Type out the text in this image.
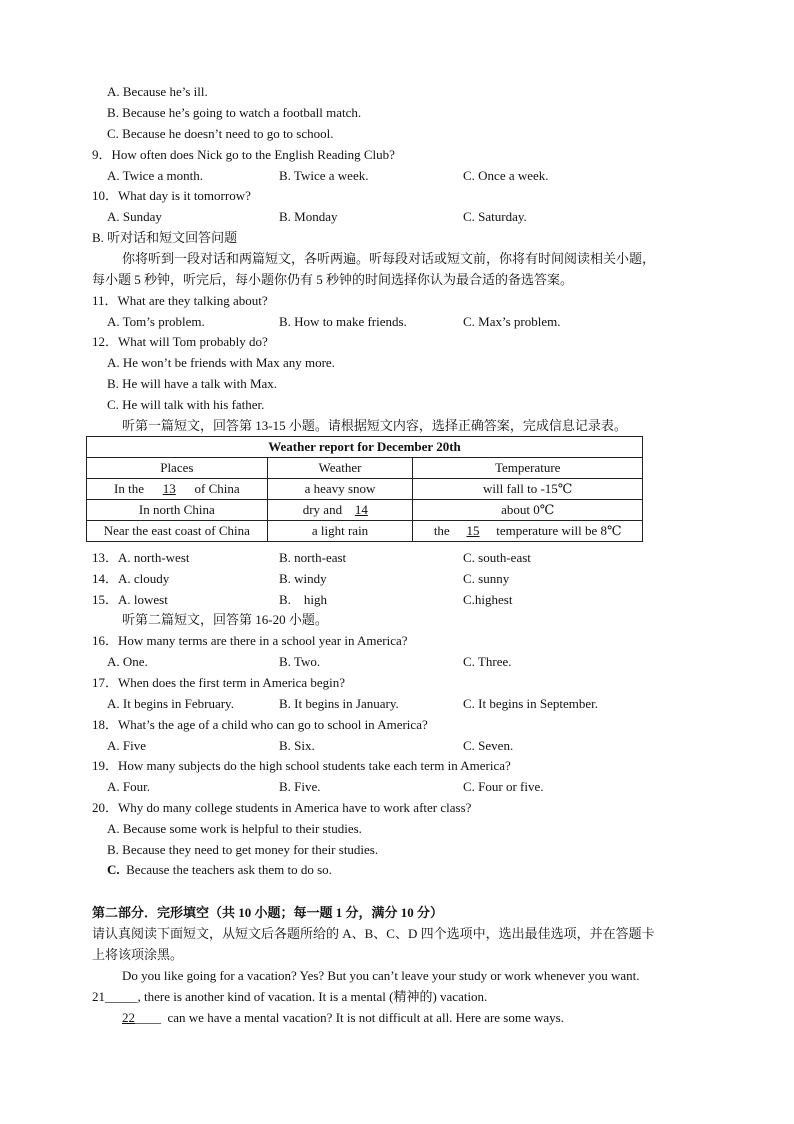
A. Because he’s ill.
B. Because he’s going to watch a football match.
C. Because he doesn’t need to go to school.
9．How often does Nick go to the English Reading Club?
A. Twice a month.	B. Twice a week.	C. Once a week.
10．What day is it tomorrow?
A. Sunday	B. Monday	C. Saturday.
B. 听对话和短文回答问题
你将听到一段对话和两篇短文，各听两遍。听每段对话或短文前，你将有时间阅读相关小题，
每小题 5 秒钟，听完后，每小题你仍有 5 秒钟的时间选择你认为最合适的备选答案。
11．What are they talking about?
A. Tom’s problem.	B. How to make friends.	C. Max’s problem.
12．What will Tom probably do?
A. He won’t be friends with Max any more.
B. He will have a talk with Max.
C. He will talk with his father.
听第一篇短文，回答第 13-15 小题。请根据短文内容，选择正确答案，完成信息记录表。
Weather report for December 20th		
Places	Weather	Temperature
In the 13 of China	a heavy snow	will fall to -15℃
In north China	dry and 14	about 0℃
Near the east coast of China	a light rain	the 15 temperature will be 8℃
13．A. north-west	B. north-east	C. south-east
14．A. cloudy	B. windy	C. sunny
15．A. lowest	B.    high	C.highest
听第二篇短文，回答第 16-20 小题。
16．How many terms are there in a school year in America?
A. One.	B. Two.	C. Three.
17．When does the first term in America begin?
A. It begins in February.	B. It begins in January.	C. It begins in September.
18．What’s the age of a child who can go to school in America?
A. Five	B. Six.	C. Seven.
19．How many subjects do the high school students take each term in America?
A. Four.	B. Five.	C. Four or five.
20．Why do many college students in America have to work after class?
A. Because some work is helpful to their studies.
B. Because they need to get money for their studies.
C.  Because the teachers ask them to do so.
第二部分．完形填空（共 10 小题；每一题 1 分，满分 10 分）
请认真阅读下面短文，从短文后各题所给的 A、B、C、D 四个选项中，选出最佳选项，并在答题卡
上将该项涂黑。
Do you like going for a vacation? Yes? But you can’t leave your study or work whenever you want.
21_____, there is another kind of vacation. It is a mental (精神的) vacation.
22____  can we have a mental vacation? It is not difficult at all. Here are some ways.
